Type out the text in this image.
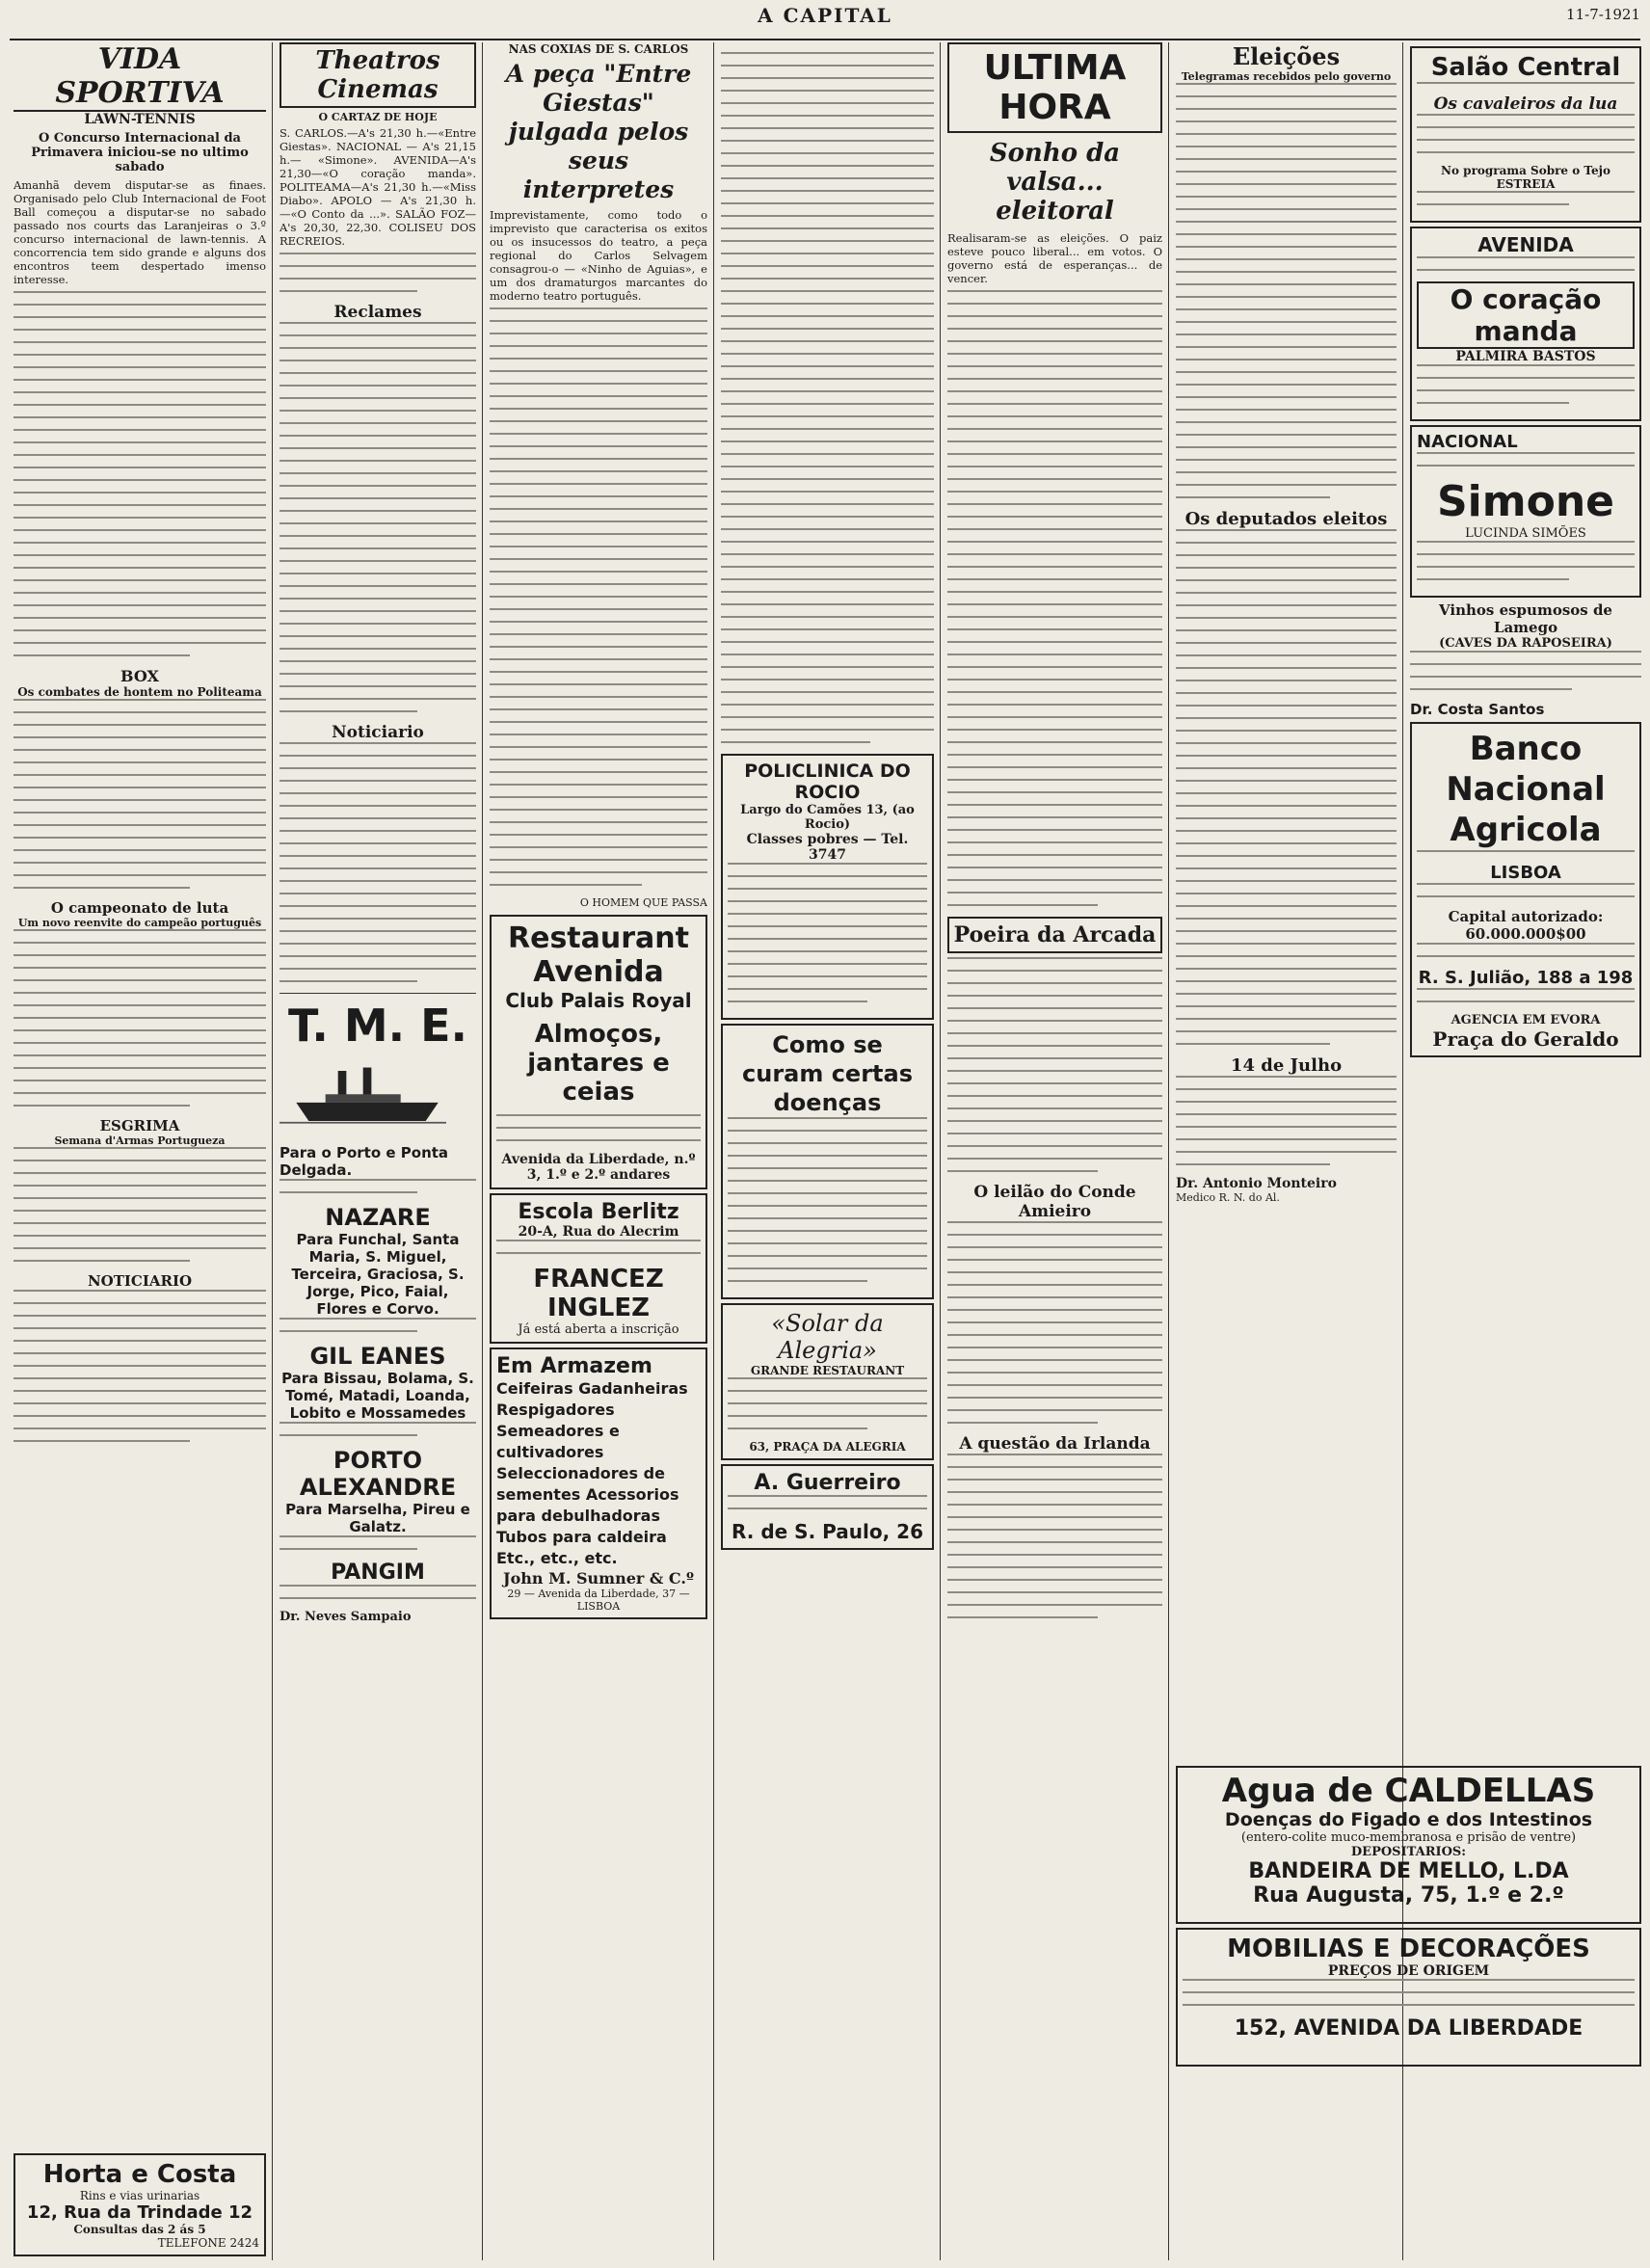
A CAPITAL	11-7-1921
VIDA SPORTIVA
LAWN-TENNIS
O Concurso Internacional da Primavera iniciou-se no ultimo sabado

Amanhã devem disputar-se as finaes. Organisado pelo Club Internacional de Foot Ball começou a disputar-se no sabado passado nos courts das Laranjeiras o 3.º concurso internacional de lawn-tennis. A concorrencia tem sido grande e alguns dos encontros teem despertado imenso interesse.

BOX
Os combates de hontem no Politeama
O campeonato de luta
Um novo reenvite do campeão português
ESGRIMA
Semana d'Armas Portugueza
NOTICIARIO
Horta e Costa
Rins e vias urinarias
12, Rua da Trindade 12
Consultas das 2 ás 5
TELEFONE 2424
Theatros Cinemas
O CARTAZ DE HOJE

S. CARLOS.—A's 21,30 h.—«Entre Giestas». NACIONAL — A's 21,15 h.— «Simone». AVENIDA—A's 21,30—«O coração manda». POLITEAMA—A's 21,30 h.—«Miss Diabo». APOLO — A's 21,30 h.—«O Conto da ...». SALÃO FOZ—A's 20,30, 22,30. COLISEU DOS RECREIOS.

Reclames
Noticiario
T. M. E.
Para o Porto e Ponta Delgada.
NAZARE
Para Funchal, Santa Maria, S. Miguel, Terceira, Graciosa, S. Jorge, Pico, Faial, Flores e Corvo.
GIL EANES
Para Bissau, Bolama, S. Tomé, Matadi, Loanda, Lobito e Mossamedes
PORTO ALEXANDRE
Para Marselha, Pireu e Galatz.
PANGIM
Dr. Neves Sampaio
NAS COXIAS DE S. CARLOS
A peça "Entre Giestas" julgada pelos seus interpretes

Imprevistamente, como todo o imprevisto que caracterisa os exitos ou os insucessos do teatro, a peça regional do Carlos Selvagem consagrou-o — «Ninho de Aguias», e um dos dramaturgos marcantes do moderno teatro português.

O HOMEM QUE PASSA
Restaurant
Avenida
Club Palais Royal
Almoços, jantares e ceias
Avenida da Liberdade, n.º 3, 1.º e 2.º andares
Escola Berlitz
20-A, Rua do Alecrim
FRANCEZ INGLEZ
Já está aberta a inscrição
Em Armazem
Ceifeiras Gadanheiras Respigadores Semeadores e cultivadores Seleccionadores de sementes Acessorios para debulhadoras Tubos para caldeira Etc., etc., etc.
John M. Sumner & C.º
29 — Avenida da Liberdade, 37 — LISBOA
POLICLINICA DO ROCIO
Largo do Camões 13, (ao Rocio)
Classes pobres — Tel. 3747
Como se curam certas doenças
«Solar da Alegria»
GRANDE RESTAURANT
63, PRAÇA DA ALEGRIA
A. Guerreiro
R. de S. Paulo, 26
ULTIMA HORA
Sonho da valsa... eleitoral

Realisaram-se as eleições. O paiz esteve pouco liberal... em votos. O governo está de esperanças... de vencer.

Poeira da Arcada
O leilão do Conde Amieiro
A questão da Irlanda
Eleições
Telegramas recebidos pelo governo
Os deputados eleitos
14 de Julho
Dr. Antonio Monteiro
Medico R. N. do Al.
Salão Central
Os cavaleiros da lua
No programa Sobre o Tejo ESTREIA
AVENIDA
O coração manda
PALMIRA BASTOS
NACIONAL
Simone
LUCINDA SIMÕES
Vinhos espumosos de Lamego
(CAVES DA RAPOSEIRA)
Dr. Costa Santos
Banco Nacional Agricola
LISBOA
Capital autorizado: 60.000.000$00
R. S. Julião, 188 a 198
AGENCIA EM EVORA
Praça do Geraldo
Agua de CALDELLAS
Doenças do Figado e dos Intestinos
(entero-colite muco-membranosa e prisão de ventre)
DEPOSITARIOS:
BANDEIRA DE MELLO, L.DA
Rua Augusta, 75, 1.º e 2.º
MOBILIAS E DECORAÇÕES
PREÇOS DE ORIGEM
152, AVENIDA DA LIBERDADE
